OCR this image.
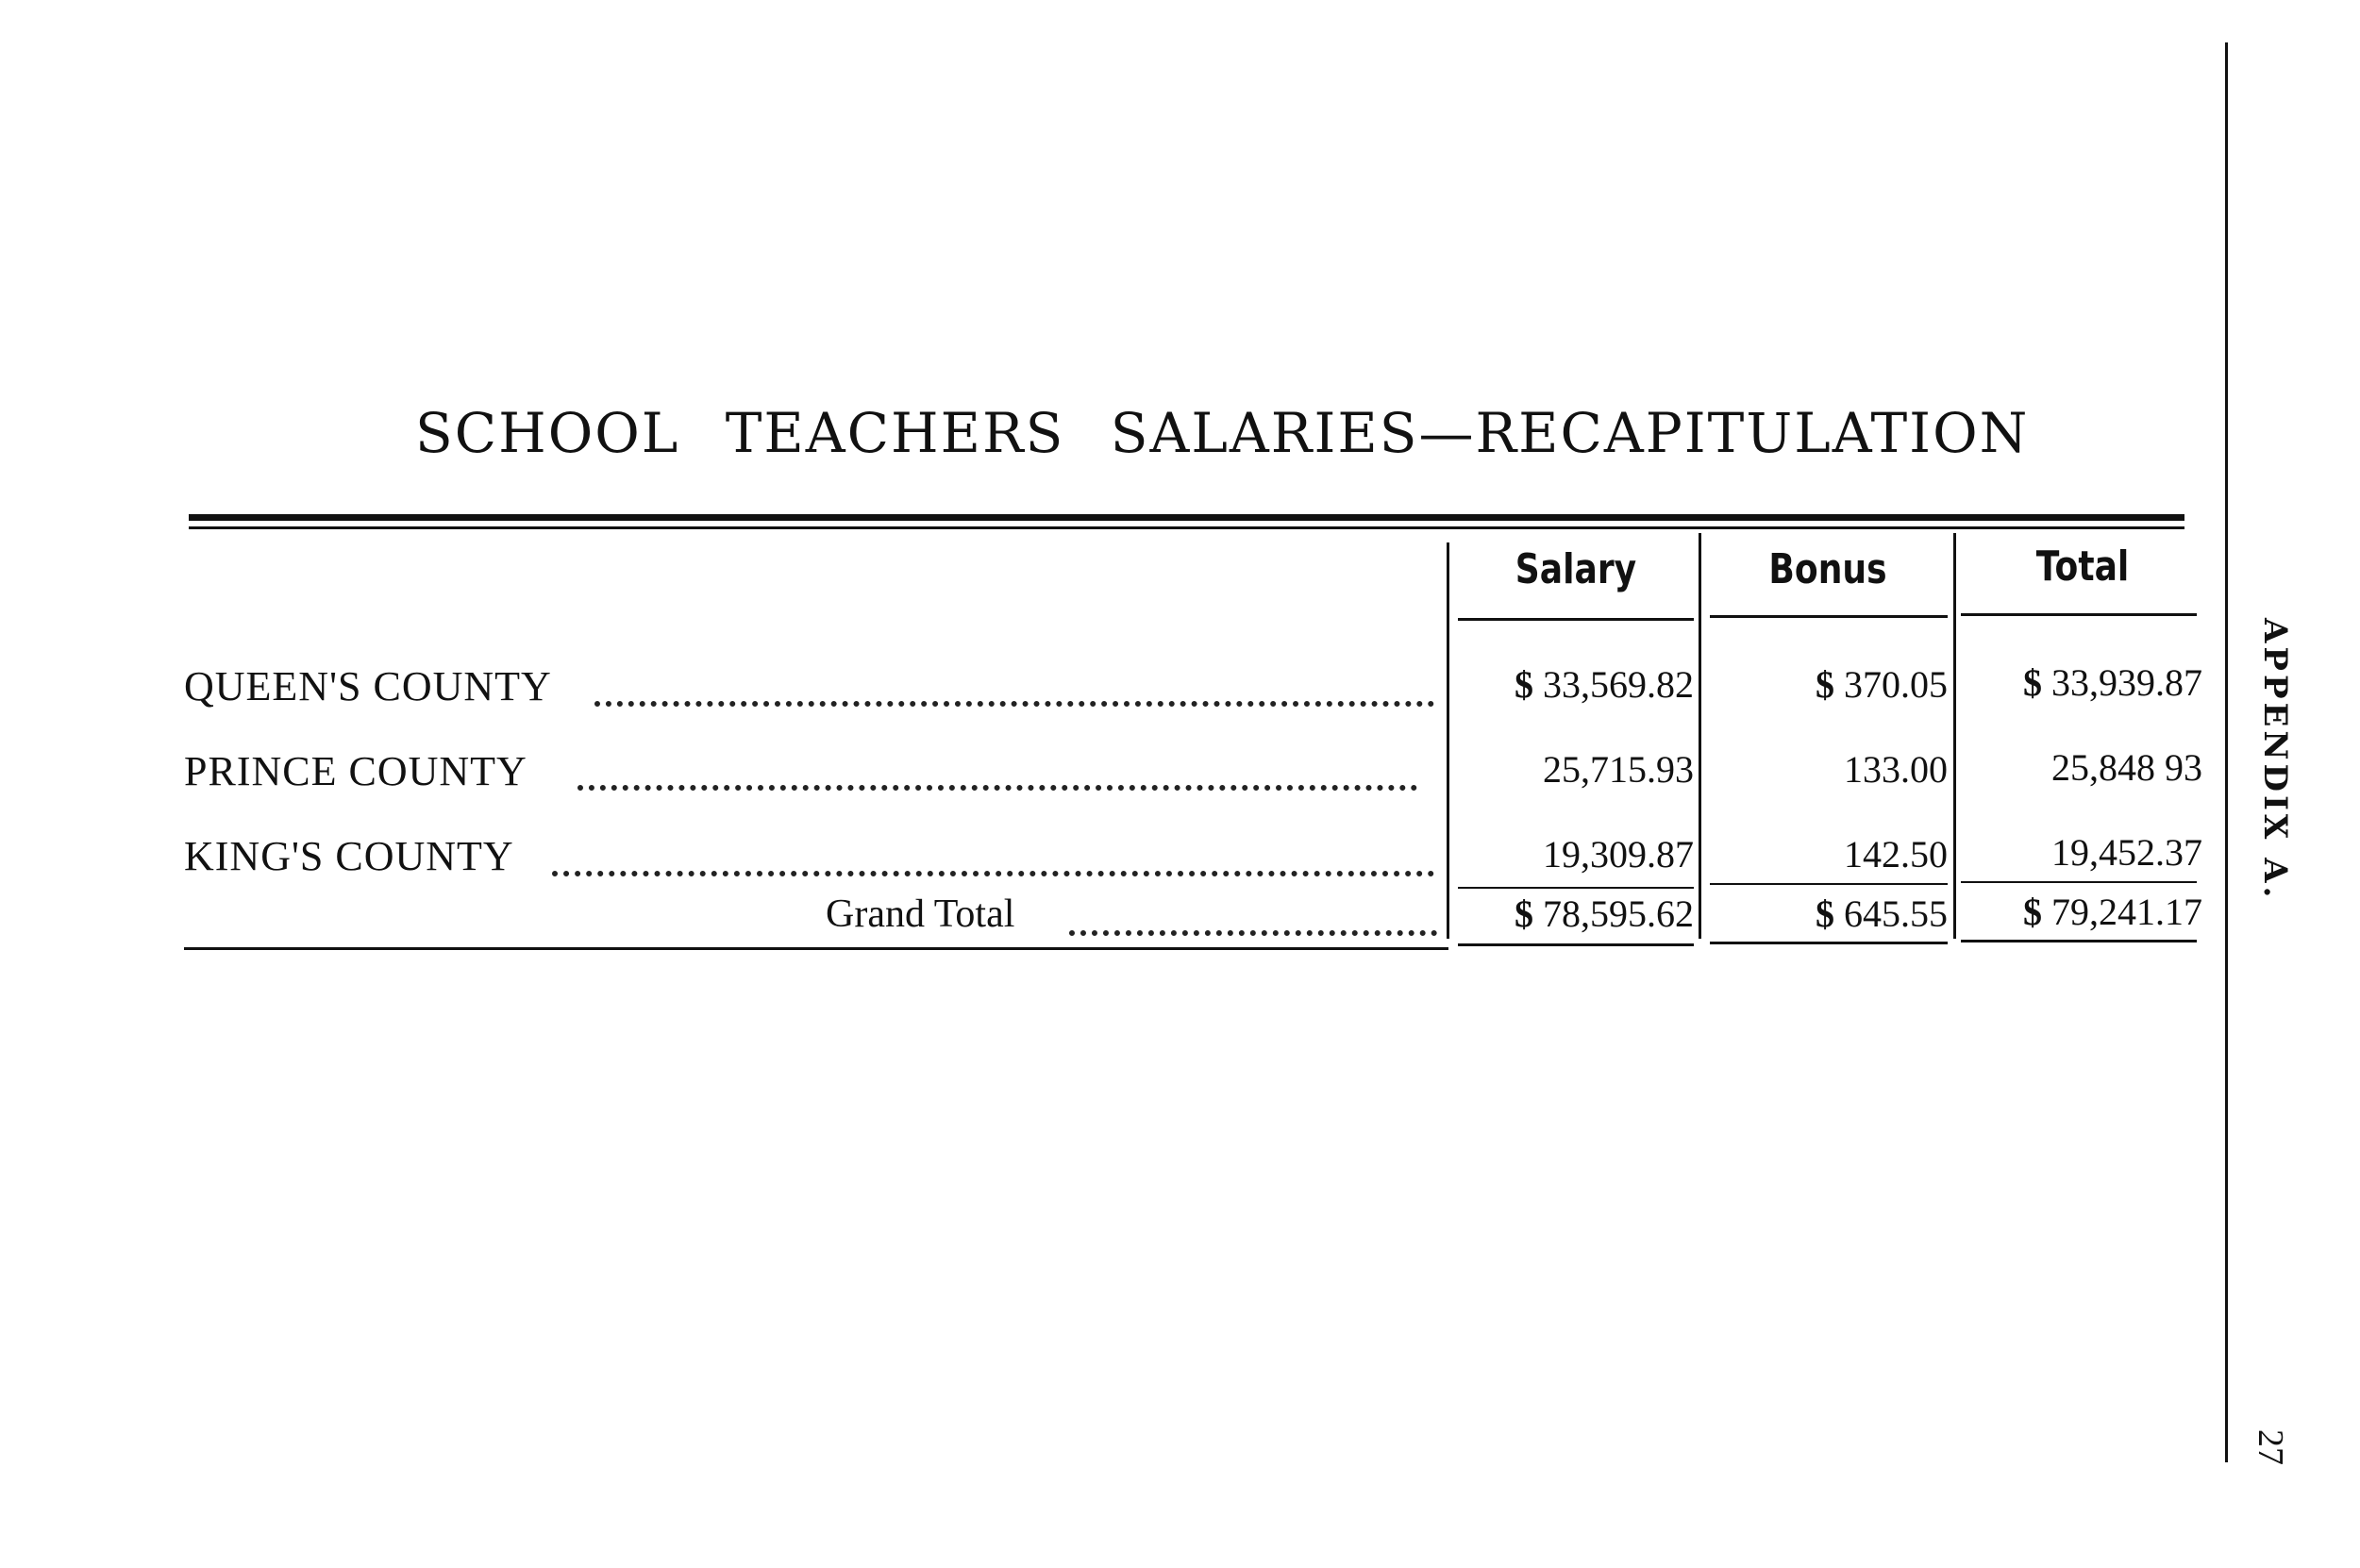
SCHOOL TEACHERS SALARIES—RECAPITULATION
Salary	Bonus	Total
QUEEN'S COUNTY	$ 33,569.82	$ 370.05	$ 33,939.87
PRINCE COUNTY	25,715.93	133.00	25,848 93
KING'S COUNTY	19,309.87	142.50	19,452.37
Grand Total	$ 78,595.62	$ 645.55	$ 79,241.17
APPENDIX A.
27
